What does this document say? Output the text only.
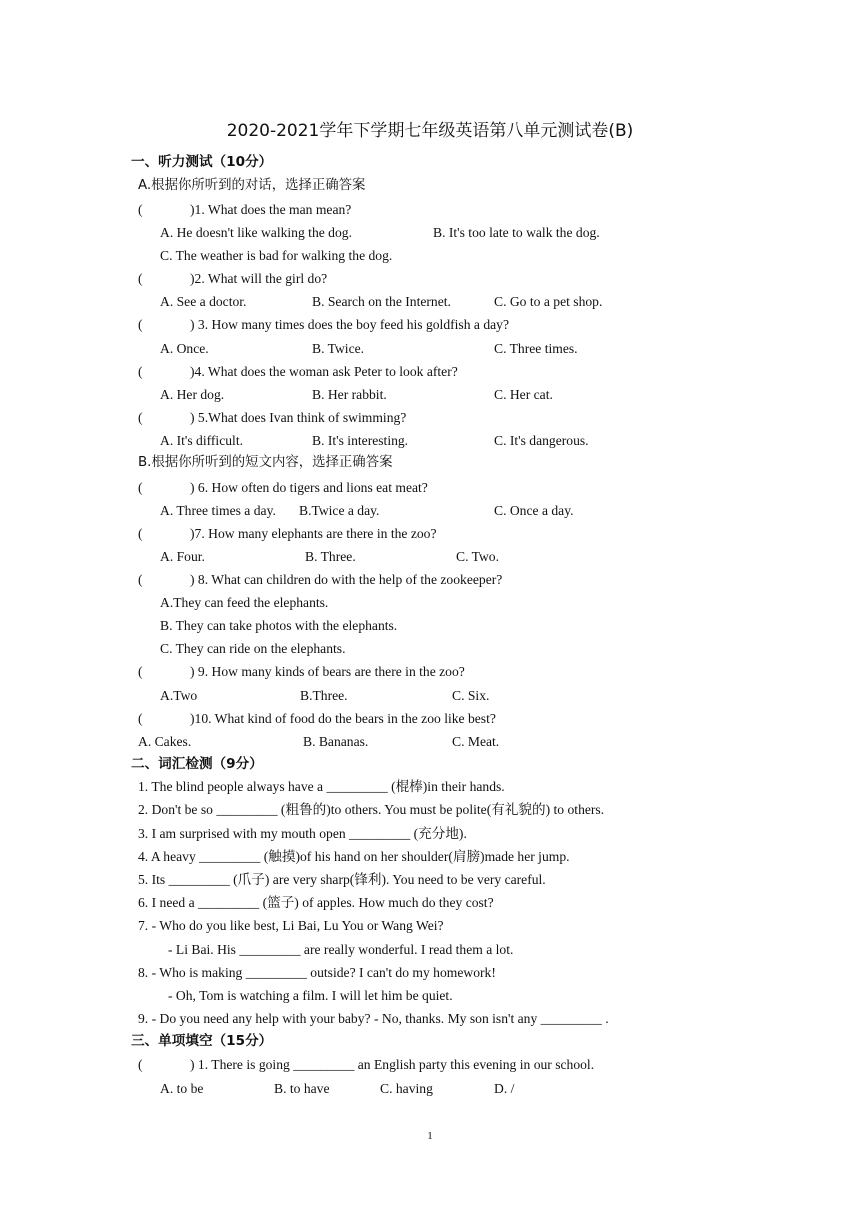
2020-2021学年下学期七年级英语第八单元测试卷(B)
一、听力测试（10分）
A.根据你所听到的对话，选择正确答案
(	)1. What does the man mean?
A. He doesn't like walking the dog.	B. It's too late to walk the dog.
C. The weather is bad for walking the dog.
(	)2. What will the girl do?
A. See a doctor.	B. Search on the Internet.	C. Go to a pet shop.
(	) 3. How many times does the boy feed his goldfish a day?
A. Once.	B. Twice.	C. Three times.
(	)4. What does the woman ask Peter to look after?
A. Her dog.	B. Her rabbit.	C. Her cat.
(	) 5.What does Ivan think of swimming?
A. It's difficult.	B. It's interesting.	C. It's dangerous.
B.根据你所听到的短文内容，选择正确答案
(	) 6. How often do tigers and lions eat meat?
A. Three times a day. B.Twice a day.	C. Once a day.
(	)7. How many elephants are there in the zoo?
A. Four.	B. Three.	C. Two.
(	) 8. What can children do with the help of the zookeeper?
A.They can feed the elephants.
B. They can take photos with the elephants.
C. They can ride on the elephants.
(	) 9. How many kinds of bears are there in the zoo?
A.Two	B.Three.	C. Six.
(	)10. What kind of food do the bears in the zoo like best?
A. Cakes.	B. Bananas.	C. Meat.
二、词汇检测（9分）
1. The blind people always have a _________ (棍棒)in their hands.
2. Don't be so _________ (粗鲁的)to others. You must be polite(有礼貌的) to others.
3. I am surprised with my mouth open _________ (充分地).
4. A heavy _________ (触摸)of his hand on her shoulder(肩膀)made her jump.
5. Its _________ (爪子) are very sharp(锋利). You need to be very careful.
6. I need a _________ (篮子) of apples. How much do they cost?
7. - Who do you like best, Li Bai, Lu You or Wang Wei?
- Li Bai. His _________ are really wonderful. I read them a lot.
8. - Who is making _________ outside? I can't do my homework!
- Oh, Tom is watching a film. I will let him be quiet.
9. - Do you need any help with your baby? - No, thanks. My son isn't any _________ .
三、单项填空（15分）
(	) 1. There is going _________ an English party this evening in our school.
A. to be	B. to have	C. having	D. /
1
